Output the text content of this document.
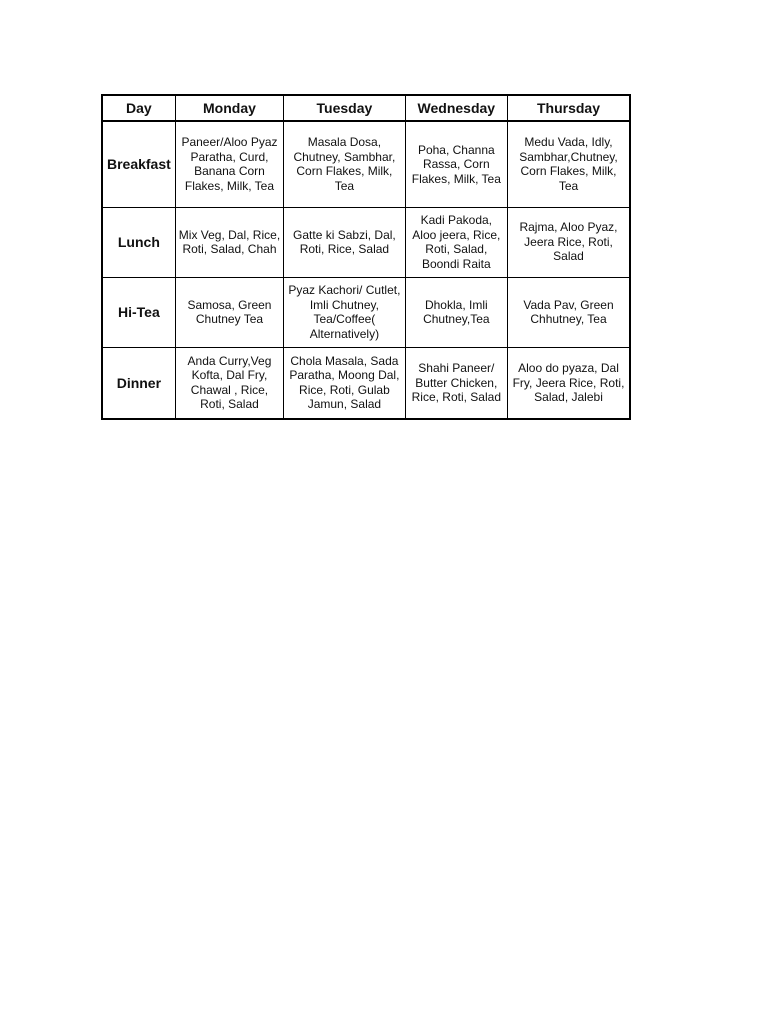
Day	Monday	Tuesday	Wednesday	Thursday
Breakfast	Paneer/Aloo Pyaz Paratha, Curd, Banana Corn Flakes, Milk, Tea	Masala Dosa, Chutney, Sambhar, Corn Flakes, Milk, Tea	Poha, Channa Rassa, Corn Flakes, Milk, Tea	Medu Vada, Idly, Sambhar,Chutney, Corn Flakes, Milk, Tea
Lunch	Mix Veg, Dal, Rice, Roti, Salad, Chah	Gatte ki Sabzi, Dal, Roti, Rice, Salad	Kadi Pakoda, Aloo jeera, Rice, Roti, Salad, Boondi Raita	Rajma, Aloo Pyaz, Jeera Rice, Roti, Salad
Hi-Tea	Samosa, Green Chutney Tea	Pyaz Kachori/ Cutlet, Imli Chutney, Tea/Coffee( Alternatively)	Dhokla, Imli Chutney,Tea	Vada Pav, Green Chhutney, Tea
Dinner	Anda Curry,Veg Kofta, Dal Fry, Chawal , Rice, Roti, Salad	Chola Masala, Sada Paratha, Moong Dal, Rice, Roti, Gulab Jamun, Salad	Shahi Paneer/ Butter Chicken, Rice, Roti, Salad	Aloo do pyaza, Dal Fry, Jeera Rice, Roti, Salad, Jalebi
